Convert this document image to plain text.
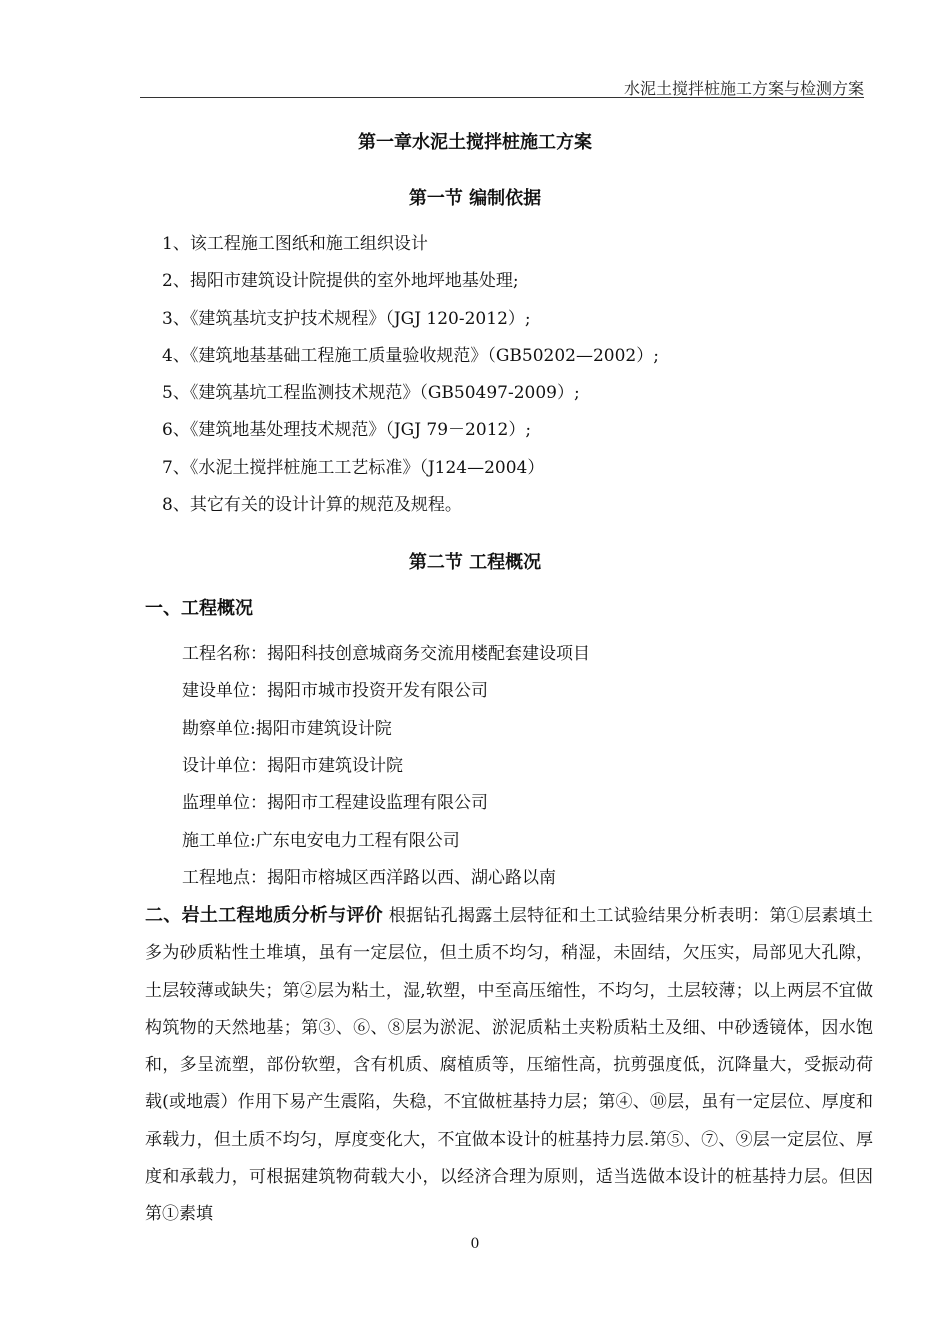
水泥土搅拌桩施工方案与检测方案
第一章水泥土搅拌桩施工方案
第一节 编制依据
1、该工程施工图纸和施工组织设计
2、揭阳市建筑设计院提供的室外地坪地基处理;
3、《建筑基坑支护技术规程》（JGJ 120-2012）;
4、《建筑地基基础工程施工质量验收规范》（GB50202—2002）;
5、《建筑基坑工程监测技术规范》（GB50497-2009）;
6、《建筑地基处理技术规范》（JGJ 79－2012）;
7、《水泥土搅拌桩施工工艺标准》（J124—2004）
8、其它有关的设计计算的规范及规程。
第二节 工程概况
一、工程概况
工程名称：揭阳科技创意城商务交流用楼配套建设项目
建设单位：揭阳市城市投资开发有限公司
勘察单位:揭阳市建筑设计院
设计单位：揭阳市建筑设计院
监理单位：揭阳市工程建设监理有限公司
施工单位:广东电安电力工程有限公司
工程地点：揭阳市榕城区西洋路以西、湖心路以南
二、岩土工程地质分析与评价 根据钻孔揭露土层特征和土工试验结果分析表明：第①层素填土多为砂质粘性土堆填，虽有一定层位，但土质不均匀，稍湿，未固结，欠压实，局部见大孔隙，土层较薄或缺失；第②层为粘土，湿,软塑，中至高压缩性，不均匀，土层较薄；以上两层不宜做构筑物的天然地基；第③、⑥、⑧层为淤泥、淤泥质粘土夹粉质粘土及细、中砂透镜体，因水饱和，多呈流塑，部份软塑，含有机质、腐植质等，压缩性高，抗剪强度低，沉降量大，受振动荷载(或地震）作用下易产生震陷，失稳，不宜做桩基持力层；第④、⑩层，虽有一定层位、厚度和承载力，但土质不均匀，厚度变化大，不宜做本设计的桩基持力层.第⑤、⑦、⑨层一定层位、厚度和承载力，可根据建筑物荷载大小，以经济合理为原则，适当选做本设计的桩基持力层。但因第①素填
0
